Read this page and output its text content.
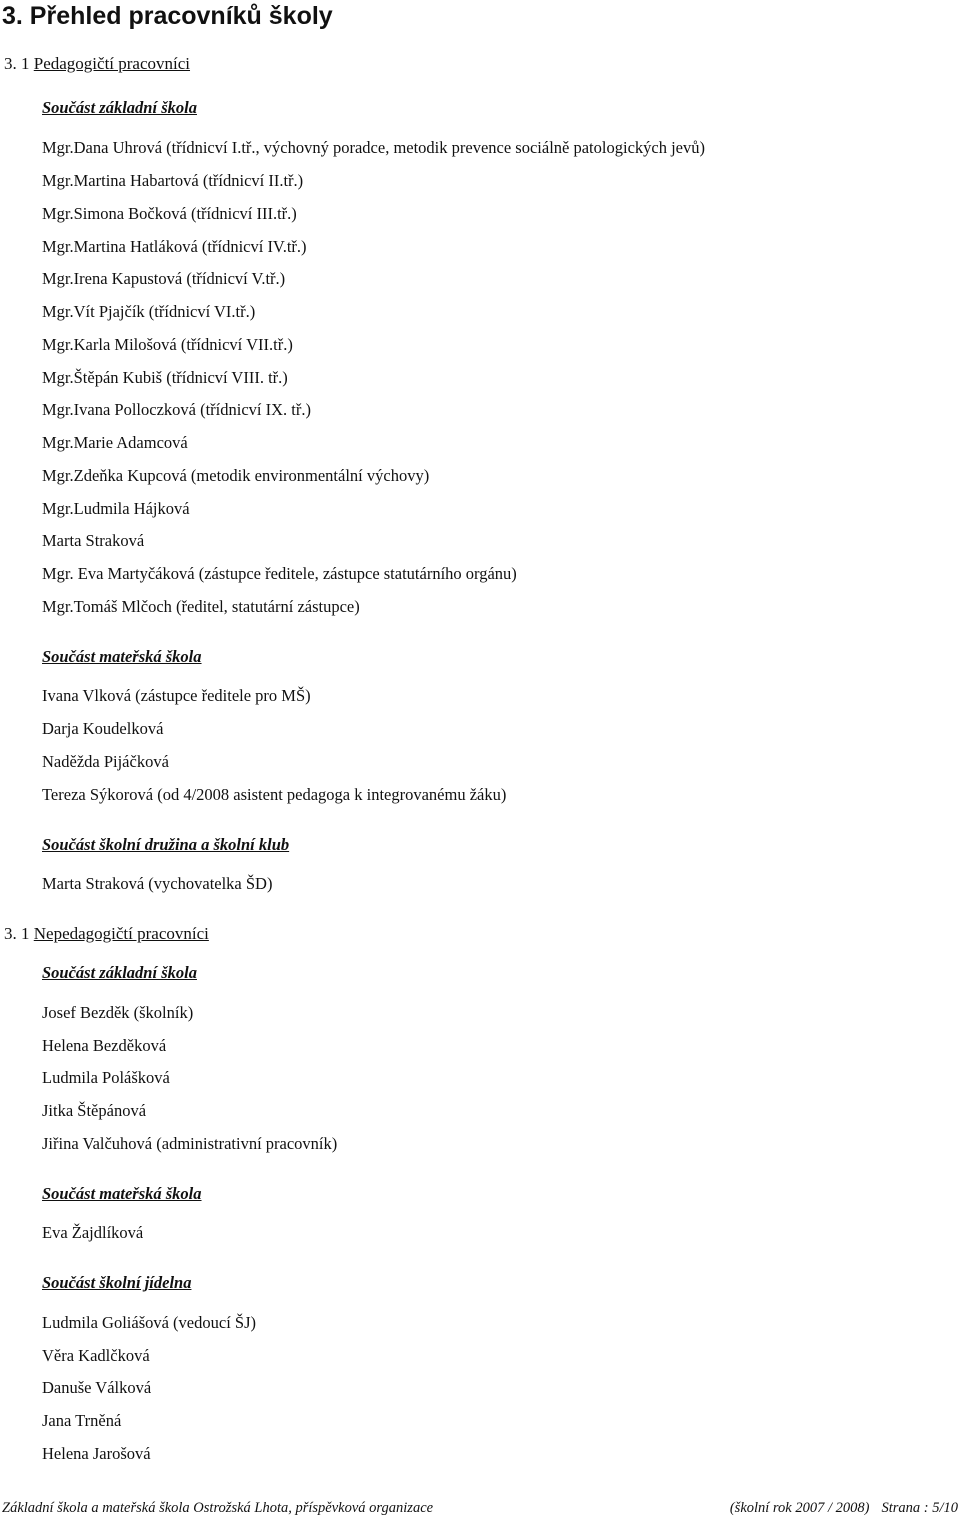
3. Přehled pracovníků školy
3. 1 Pedagogičtí pracovníci
Součást základní škola
Mgr.Dana Uhrová (třídnicví I.tř., výchovný poradce, metodik prevence sociálně patologických jevů)
Mgr.Martina Habartová (třídnicví II.tř.)
Mgr.Simona Bočková (třídnicví III.tř.)
Mgr.Martina Hatláková (třídnicví IV.tř.)
Mgr.Irena Kapustová (třídnicví V.tř.)
Mgr.Vít Pjajčík (třídnicví VI.tř.)
Mgr.Karla Milošová (třídnicví VII.tř.)
Mgr.Štěpán Kubiš (třídnicví VIII. tř.)
Mgr.Ivana Polloczková (třídnicví IX. tř.)
Mgr.Marie Adamcová
Mgr.Zdeňka Kupcová (metodik environmentální výchovy)
Mgr.Ludmila Hájková
Marta Straková
Mgr. Eva Martyčáková (zástupce ředitele, zástupce statutárního orgánu)
Mgr.Tomáš Mlčoch (ředitel, statutární zástupce)
Součást mateřská škola
Ivana Vlková (zástupce ředitele pro MŠ)
Darja Koudelková
Naděžda Pijáčková
Tereza Sýkorová (od 4/2008 asistent pedagoga k integrovanému žáku)
Součást školní družina a školní klub
Marta Straková (vychovatelka ŠD)
3. 1 Nepedagogičtí pracovníci
Součást základní škola
Josef Bezděk (školník)
Helena Bezděková
Ludmila Polášková
Jitka Štěpánová
Jiřina Valčuhová (administrativní pracovník)
Součást mateřská škola
Eva Žajdlíková
Součást školní jídelna
Ludmila Goliášová (vedoucí ŠJ)
Věra Kadlčková
Danuše Válková
Jana Trněná
Helena Jarošová
Základní škola a mateřská škola Ostrožská Lhota, příspěvková organizace	(školní rok 2007 / 2008) Strana : 5/10
